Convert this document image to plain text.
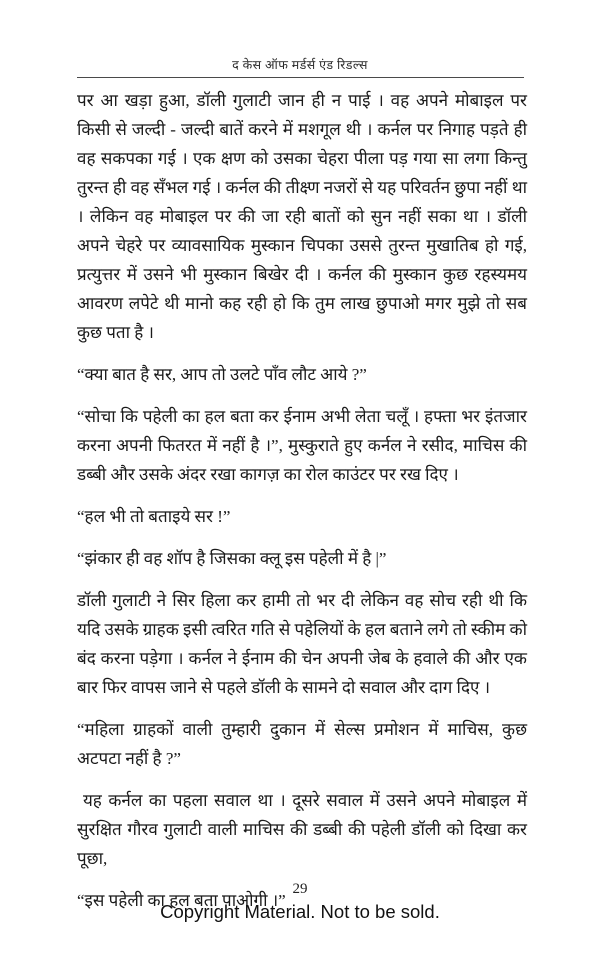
द केस ऑफ मर्डर्स एंड रिडल्स

पर आ खड़ा हुआ, डॉली गुलाटी जान ही न पाई । वह अपने मोबाइल पर किसी से जल्दी - जल्दी बातें करने में मशगूल थी । कर्नल पर निगाह पड़ते ही वह सकपका गई । एक क्षण को उसका चेहरा पीला पड़ गया सा लगा किन्तु तुरन्त ही वह सँभल गई । कर्नल की तीक्ष्ण नजरों से यह परिवर्तन छुपा नहीं था । लेकिन वह मोबाइल पर की जा रही बातों को सुन नहीं सका था । डॉली अपने चेहरे पर व्यावसायिक मुस्कान चिपका उससे तुरन्त मुखातिब हो गई, प्रत्युत्तर में उसने भी मुस्कान बिखेर दी । कर्नल की मुस्कान कुछ रहस्यमय आवरण लपेटे थी मानो कह रही हो कि तुम लाख छुपाओ मगर मुझे तो सब कुछ पता है ।

“क्या बात है सर, आप तो उलटे पाँव लौट आये ?”

“सोचा कि पहेली का हल बता कर ईनाम अभी लेता चलूँ । हफ्ता भर इंतजार करना अपनी फितरत में नहीं है ।”, मुस्कुराते हुए कर्नल ने रसीद, माचिस की डब्बी और उसके अंदर रखा कागज़ का रोल काउंटर पर रख दिए ।

“हल भी तो बताइये सर !”

“झंकार ही वह शॉप है जिसका क्लू इस पहेली में है |”

डॉली गुलाटी ने सिर हिला कर हामी तो भर दी लेकिन वह सोच रही थी कि यदि उसके ग्राहक इसी त्वरित गति से पहेलियों के हल बताने लगे तो स्कीम को बंद करना पड़ेगा । कर्नल ने ईनाम की चेन अपनी जेब के हवाले की और एक बार फिर वापस जाने से पहले डॉली के सामने दो सवाल और दाग दिए ।

“महिला ग्राहकों वाली तुम्हारी दुकान में सेल्स प्रमोशन में माचिस, कुछ अटपटा नहीं है ?”

यह कर्नल का पहला सवाल था । दूसरे सवाल में उसने अपने मोबाइल में सुरक्षित गौरव गुलाटी वाली माचिस की डब्बी की पहेली डॉली को दिखा कर पूछा,

“इस पहेली का हल बता पाओगी ।”

29
Copyright Material. Not to be sold.
